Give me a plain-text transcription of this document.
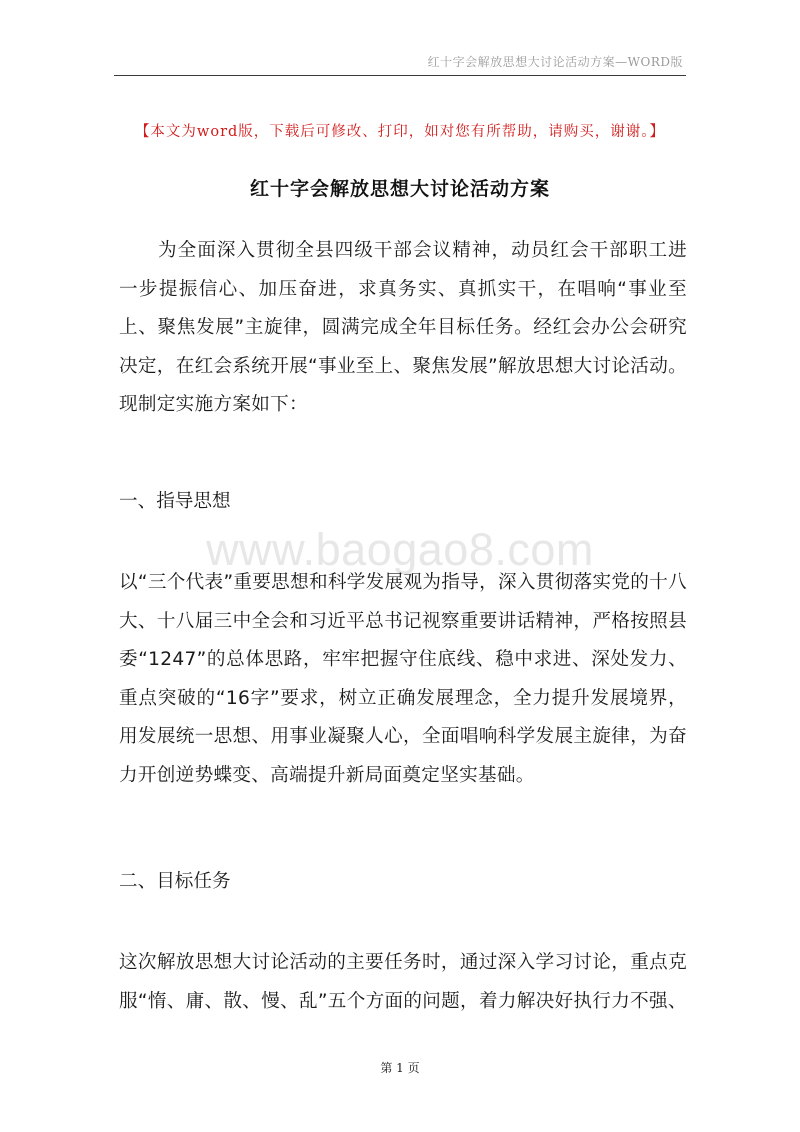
红十字会解放思想大讨论活动方案—WORD版
【本文为word版，下载后可修改、打印，如对您有所帮助，请购买，谢谢。】
红十字会解放思想大讨论活动方案

为全面深入贯彻全县四级干部会议精神，动员红会干部职工进一步提振信心、加压奋进，求真务实、真抓实干，在唱响“事业至上、聚焦发展”主旋律，圆满完成全年目标任务。经红会办公会研究决定，在红会系统开展“事业至上、聚焦发展”解放思想大讨论活动。现制定实施方案如下：

一、指导思想

www.baogao8.com

以“三个代表”重要思想和科学发展观为指导，深入贯彻落实党的十八大、十八届三中全会和习近平总书记视察重要讲话精神，严格按照县委“1247”的总体思路，牢牢把握守住底线、稳中求进、深处发力、重点突破的“16字”要求，树立正确发展理念，全力提升发展境界，用发展统一思想、用事业凝聚人心，全面唱响科学发展主旋律，为奋力开创逆势蝶变、高端提升新局面奠定坚实基础。

二、目标任务

这次解放思想大讨论活动的主要任务时，通过深入学习讨论，重点克服“惰、庸、散、慢、乱”五个方面的问题，着力解决好执行力不强、

第 1 页
